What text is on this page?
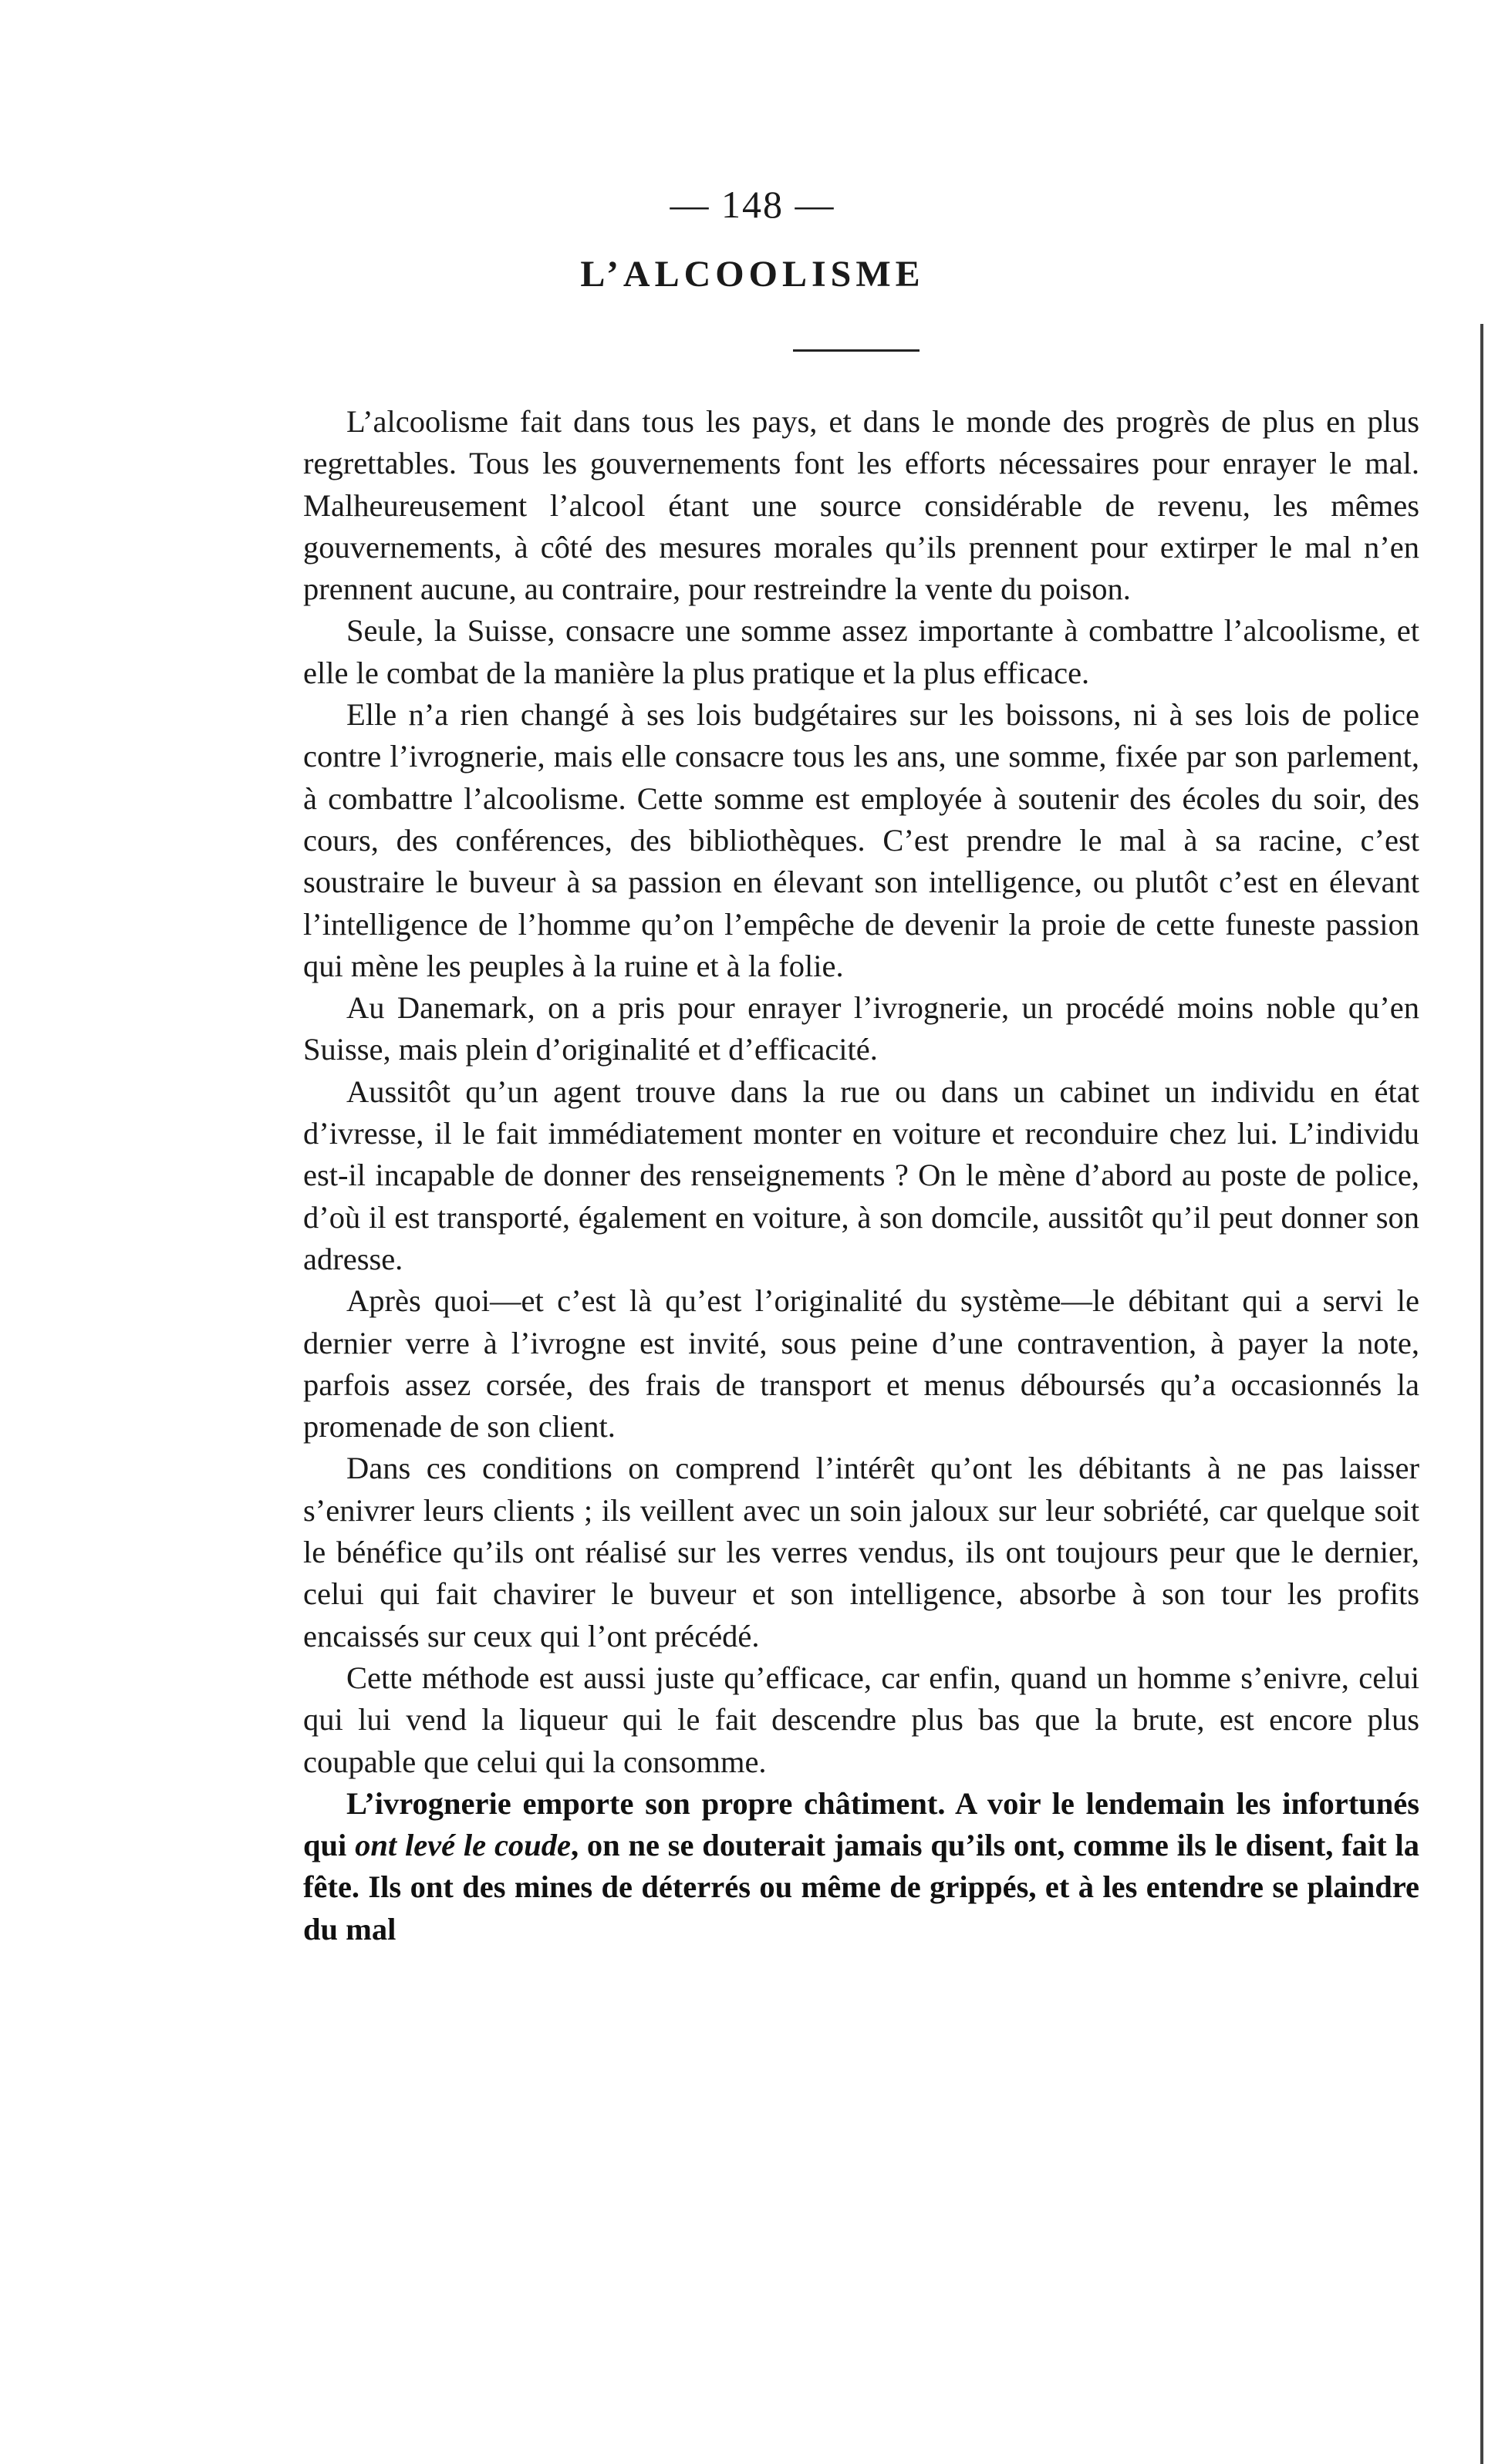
— 148 —
L’ALCOOLISME

L’alcoolisme fait dans tous les pays, et dans le monde des progrès de plus en plus regrettables. Tous les gouvernements font les efforts nécessaires pour enrayer le mal. Malheureusement l’alcool étant une source considérable de revenu, les mêmes gouvernements, à côté des mesures morales qu’ils prennent pour extirper le mal n’en prennent aucune, au contraire, pour restreindre la vente du poison.

Seule, la Suisse, consacre une somme assez importante à combattre l’alcoolisme, et elle le combat de la manière la plus pratique et la plus efficace.

Elle n’a rien changé à ses lois budgétaires sur les boissons, ni à ses lois de police contre l’ivrognerie, mais elle consacre tous les ans, une somme, fixée par son parlement, à combattre l’alcoolisme. Cette somme est employée à soutenir des écoles du soir, des cours, des conférences, des bibliothèques. C’est prendre le mal à sa racine, c’est soustraire le buveur à sa passion en élevant son intelligence, ou plutôt c’est en élevant l’intelligence de l’homme qu’on l’empêche de devenir la proie de cette funeste passion qui mène les peuples à la ruine et à la folie.

Au Danemark, on a pris pour enrayer l’ivrognerie, un procédé moins noble qu’en Suisse, mais plein d’originalité et d’efficacité.

Aussitôt qu’un agent trouve dans la rue ou dans un cabinet un individu en état d’ivresse, il le fait immédiatement monter en voiture et reconduire chez lui. L’individu est-il incapable de donner des renseignements ? On le mène d’abord au poste de police, d’où il est transporté, également en voiture, à son domcile, aussitôt qu’il peut donner son adresse.

Après quoi—et c’est là qu’est l’originalité du système—le débitant qui a servi le dernier verre à l’ivrogne est invité, sous peine d’une contravention, à payer la note, parfois assez corsée, des frais de transport et menus déboursés qu’a occasionnés la promenade de son client.

Dans ces conditions on comprend l’intérêt qu’ont les débitants à ne pas laisser s’enivrer leurs clients ; ils veillent avec un soin jaloux sur leur sobriété, car quelque soit le bénéfice qu’ils ont réalisé sur les verres vendus, ils ont toujours peur que le dernier, celui qui fait chavirer le buveur et son intelligence, absorbe à son tour les profits encaissés sur ceux qui l’ont précédé.

Cette méthode est aussi juste qu’efficace, car enfin, quand un homme s’enivre, celui qui lui vend la liqueur qui le fait descendre plus bas que la brute, est encore plus coupable que celui qui la consomme.

L’ivrognerie emporte son propre châtiment. A voir le lendemain les infortunés qui ont levé le coude, on ne se douterait jamais qu’ils ont, comme ils le disent, fait la fête. Ils ont des mines de déterrés ou même de grippés, et à les entendre se plaindre du mal
